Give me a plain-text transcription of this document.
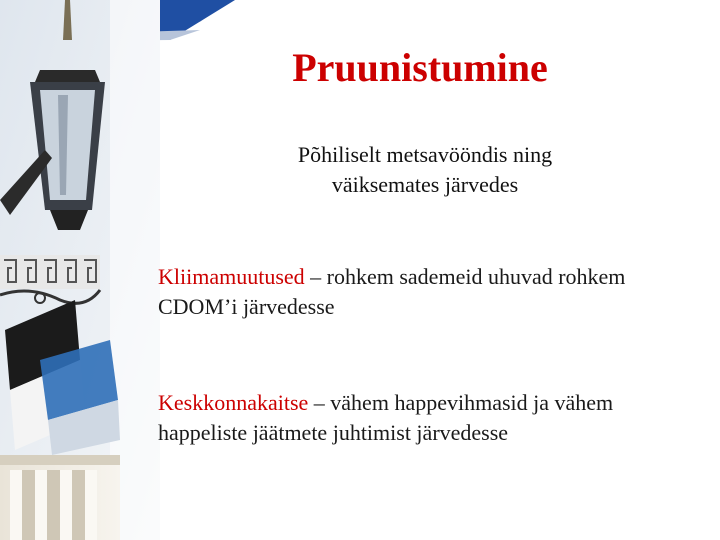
Pruunistumine
Põhiliselt metsavööndis ning
väiksemates järvedes
Kliimamuutused – rohkem sademeid uhuvad rohkem CDOM’i järvedesse
Keskkonnakaitse – vähem happevihmasid ja vähem happeliste jäätmete juhtimist järvedesse
